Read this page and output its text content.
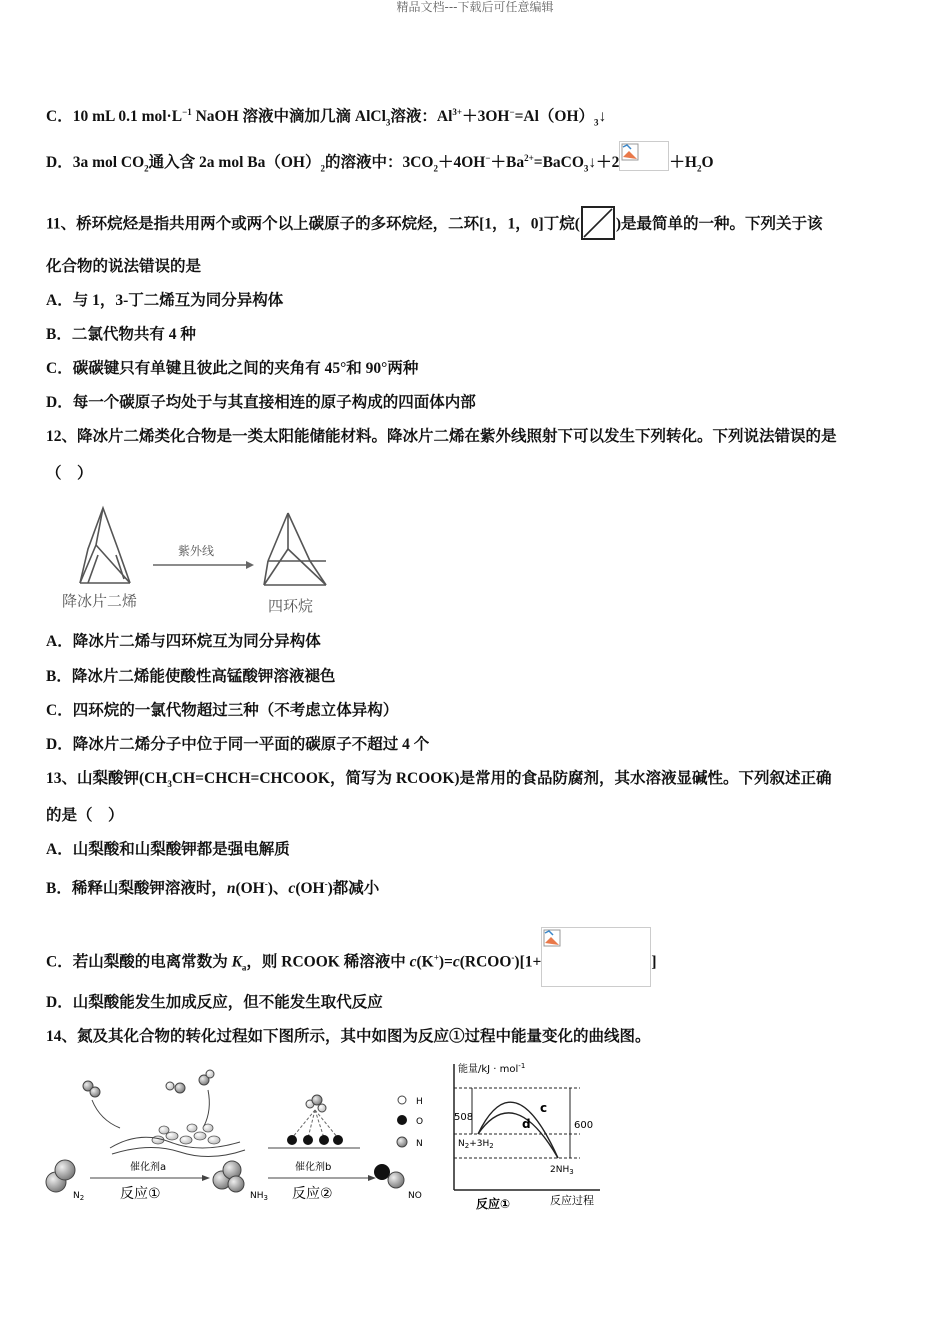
精品文档---下载后可任意编辑
C．10 mL 0.1 $mol\cdot L^{-1}$ NaOH 溶液中滴加几滴 AlCl$_3$溶液：$Al^{3+}+3OH^-=Al(OH)_3↓$
D．3a mol $CO_2$通入含 2a mol $Ba(OH)_2$的溶液中：$3CO_2+4OH^-+Ba^{2+}=BaCO_3↓+2$	$+H_2O$
11、桥环烷烃是指共用两个或两个以上碳原子的多环烷烃，二环[1，1，0]丁烷( )是最简单的一种。下列关于该
化合物的说法错误的是
A．与 1，3-丁二烯互为同分异构体
B．二氯代物共有 4 种
C．碳碳键只有单键且彼此之间的夹角有 45°和 90°两种
D．每一个碳原子均处于与其直接相连的原子构成的四面体内部
12、降冰片二烯类化合物是一类太阳能储能材料。降冰片二烯在紫外线照射下可以发生下列转化。下列说法错误的是
（　）
紫外线
降冰片二烯	四环烷
A．降冰片二烯与四环烷互为同分异构体
B．降冰片二烯能使酸性高锰酸钾溶液褪色
C．四环烷的一氯代物超过三种（不考虑立体异构）
D．降冰片二烯分子中位于同一平面的碳原子不超过 4 个
13、山梨酸钾($CH_3CH=CHCH=CHCOOK$，简写为 RCOOK)是常用的食品防腐剂，其水溶液显碱性。下列叙述正确
的是（　）
A．山梨酸和山梨酸钾都是强电解质
B．稀释山梨酸钾溶液时，n(OH-)、c(OH-)都减小
C．若山梨酸的电离常数为 $K_a$，则 RCOOK 稀溶液中 c(K+)=c(RCOO-)[1+	]
D．山梨酸能发生加成反应，但不能发生取代反应
14、氮及其化合物的转化过程如下图所示，其中如图为反应①过程中能量变化的曲线图。
$N_2$
催化剂a
反应①	$NH_3$
催化剂b
反应②	NO
H
O
N
能量/kJ · mol$^{-1}$
508
600
c
d
$N_2+3H_2$
$2NH_3$
反应过程
反应①
